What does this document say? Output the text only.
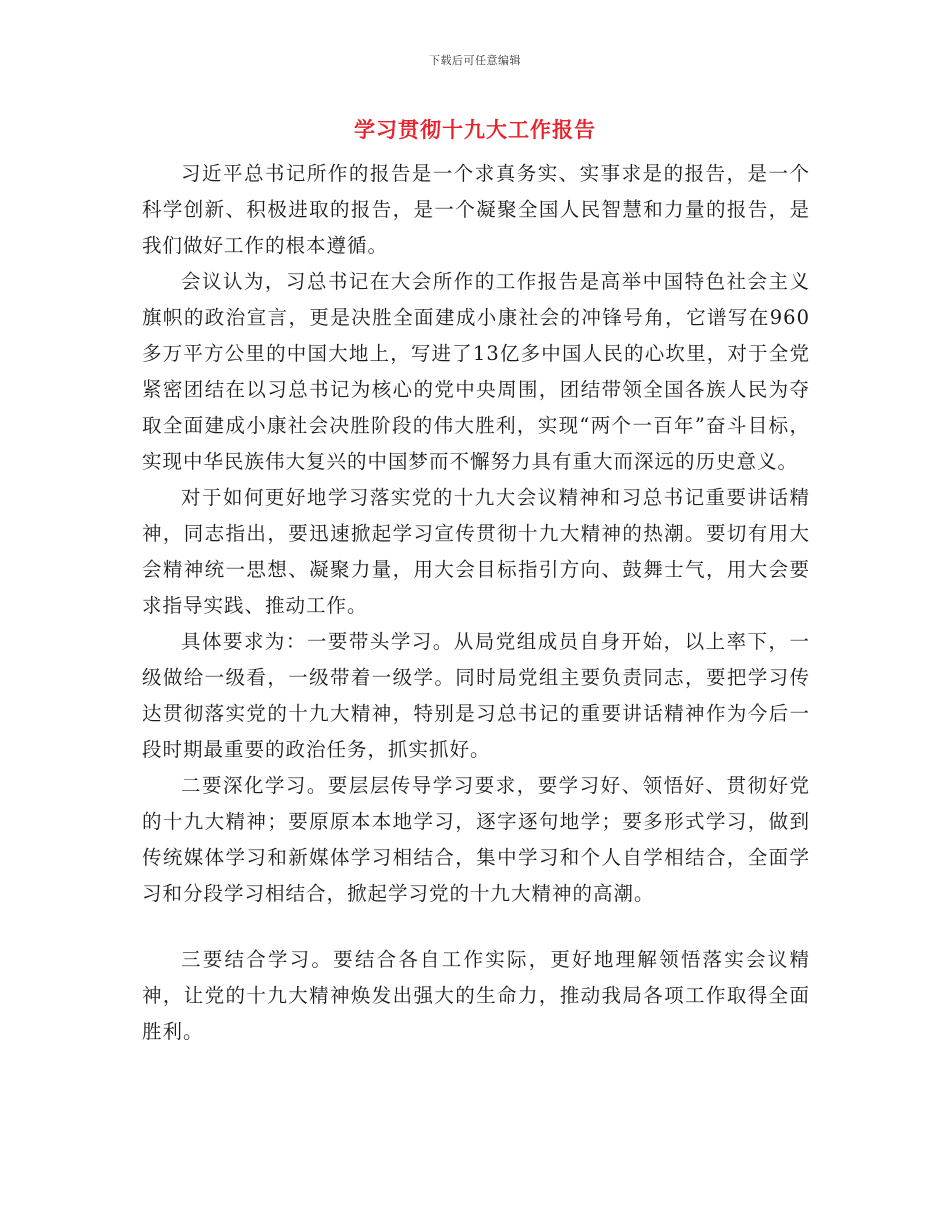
下载后可任意编辑
学习贯彻十九大工作报告

习近平总书记所作的报告是一个求真务实、实事求是的报告，是一个科学创新、积极进取的报告，是一个凝聚全国人民智慧和力量的报告，是我们做好工作的根本遵循。

会议认为，习总书记在大会所作的工作报告是高举中国特色社会主义旗帜的政治宣言，更是决胜全面建成小康社会的冲锋号角，它谱写在960多万平方公里的中国大地上，写进了13亿多中国人民的心坎里，对于全党紧密团结在以习总书记为核心的党中央周围，团结带领全国各族人民为夺取全面建成小康社会决胜阶段的伟大胜利，实现“两个一百年”奋斗目标，实现中华民族伟大复兴的中国梦而不懈努力具有重大而深远的历史意义。

对于如何更好地学习落实党的十九大会议精神和习总书记重要讲话精神，同志指出，要迅速掀起学习宣传贯彻十九大精神的热潮。要切有用大会精神统一思想、凝聚力量，用大会目标指引方向、鼓舞士气，用大会要求指导实践、推动工作。

具体要求为：一要带头学习。从局党组成员自身开始，以上率下，一级做给一级看，一级带着一级学。同时局党组主要负责同志，要把学习传达贯彻落实党的十九大精神，特别是习总书记的重要讲话精神作为今后一段时期最重要的政治任务，抓实抓好。

二要深化学习。要层层传导学习要求，要学习好、领悟好、贯彻好党的十九大精神；要原原本本地学习，逐字逐句地学；要多形式学习，做到传统媒体学习和新媒体学习相结合，集中学习和个人自学相结合，全面学习和分段学习相结合，掀起学习党的十九大精神的高潮。

三要结合学习。要结合各自工作实际，更好地理解领悟落实会议精神，让党的十九大精神焕发出强大的生命力，推动我局各项工作取得全面胜利。
